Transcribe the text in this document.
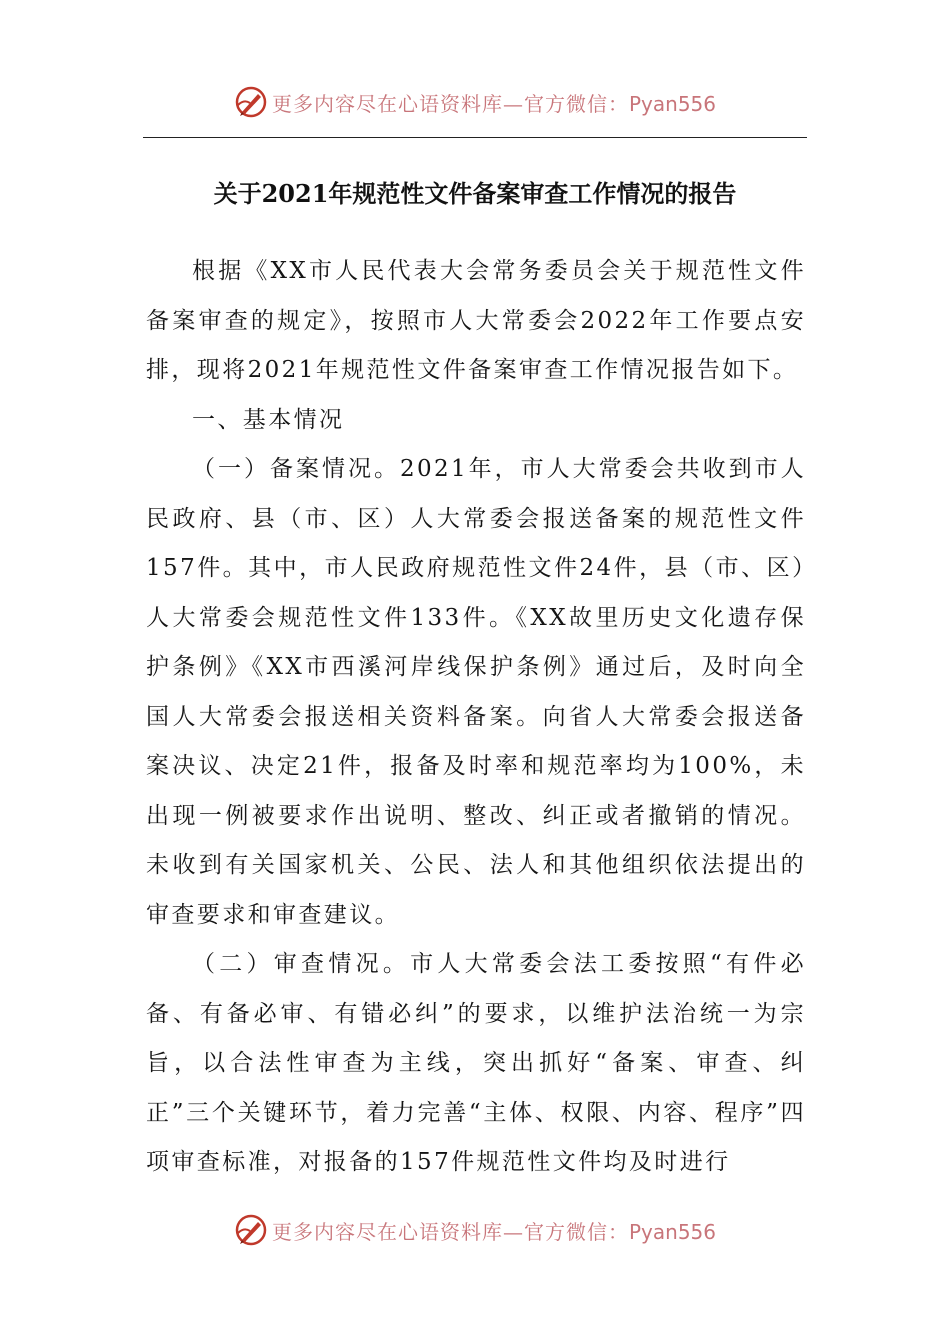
更多内容尽在心语资料库—官方微信：Pyan556
关于2021年规范性文件备案审查工作情况的报告

根据《XX市人民代表大会常务委员会关于规范性文件备案审查的规定》，按照市人大常委会2022年工作要点安排，现将2021年规范性文件备案审查工作情况报告如下。

一、基本情况

（一）备案情况。2021年，市人大常委会共收到市人民政府、县（市、区）人大常委会报送备案的规范性文件157件。其中，市人民政府规范性文件24件，县（市、区）人大常委会规范性文件133件。《XX故里历史文化遗存保护条例》《XX市西溪河岸线保护条例》通过后，及时向全国人大常委会报送相关资料备案。向省人大常委会报送备案决议、决定21件，报备及时率和规范率均为100%，未出现一例被要求作出说明、整改、纠正或者撤销的情况。未收到有关国家机关、公民、法人和其他组织依法提出的审查要求和审查建议。

（二）审查情况。市人大常委会法工委按照“有件必备、有备必审、有错必纠”的要求，以维护法治统一为宗旨，以合法性审查为主线，突出抓好“备案、审查、纠正”三个关键环节，着力完善“主体、权限、内容、程序”四项审查标准，对报备的157件规范性文件均及时进行

更多内容尽在心语资料库—官方微信：Pyan556
